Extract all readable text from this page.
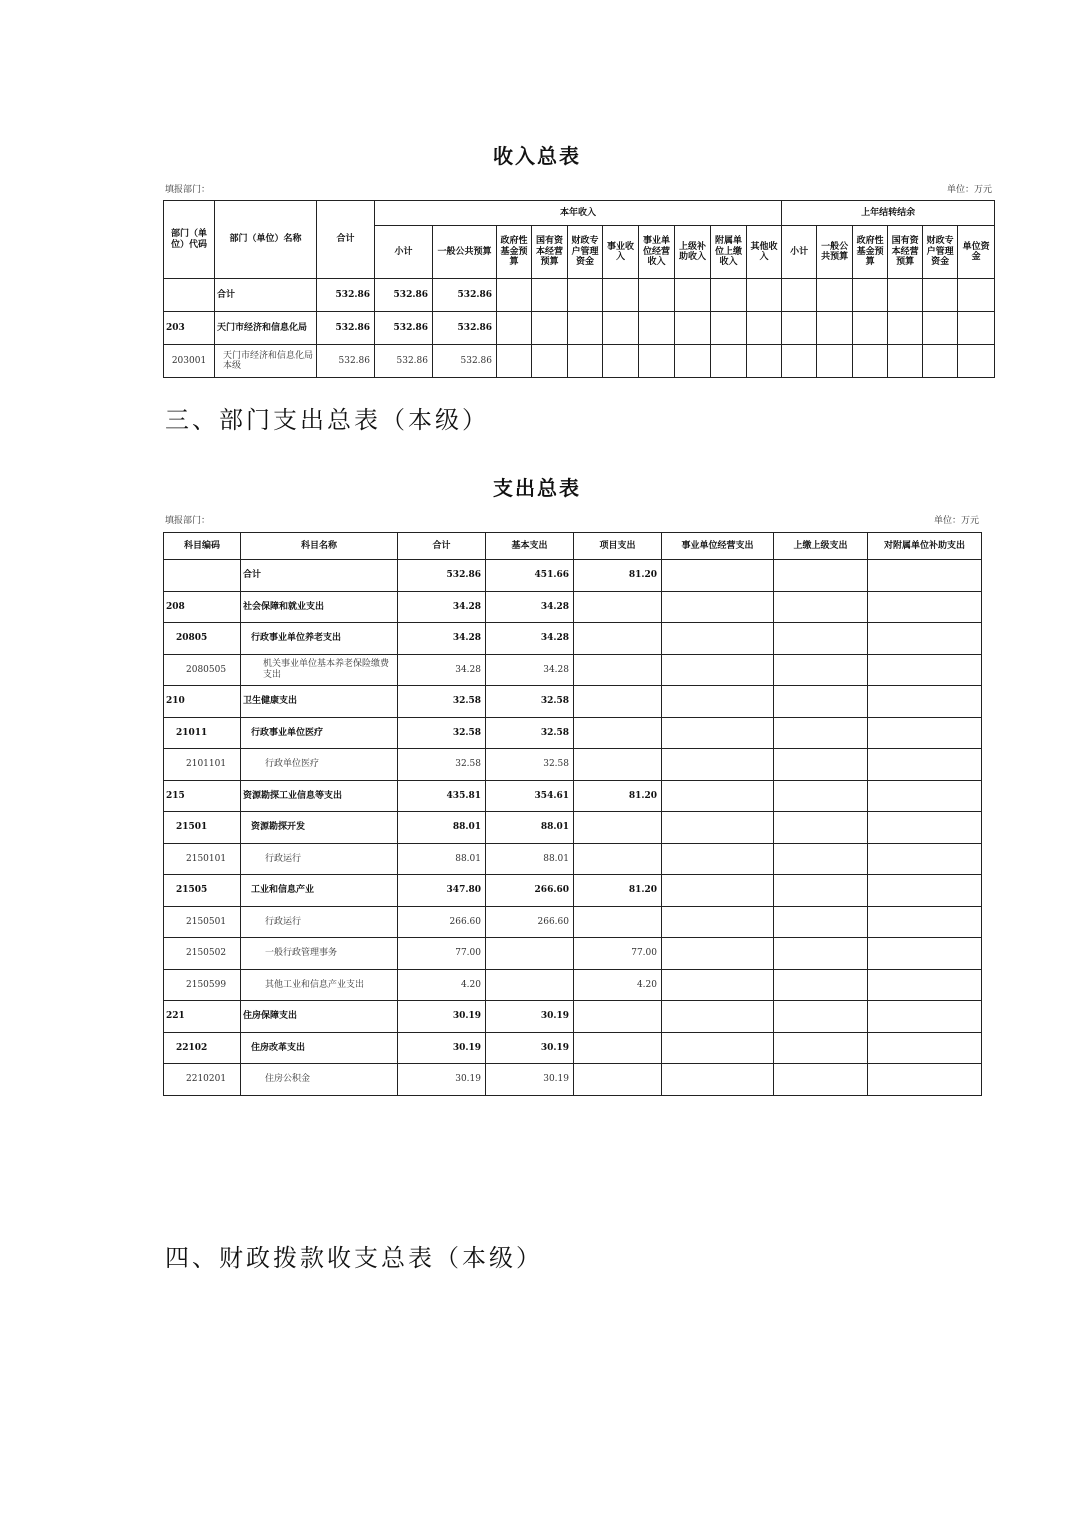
收入总表
填报部门：	单位：万元
部门（单位）代码	部门（单位）名称	合计	本年收入										上年结转结余						
			小计	一般公共预算	政府性基金预算	国有资本经营预算	财政专户管理资金	事业收入	事业单位经营收入	上级补助收入	附属单位上缴收入	其他收入	小计	一般公共预算	政府性基金预算	国有资本经营预算	财政专户管理资金	单位资金	
	合计	532.86	532.86	532.86															
203	天门市经济和信息化局	532.86	532.86	532.86															
203001	天门市经济和信息化局本级	532.86	532.86	532.86															
三、部门支出总表（本级）
支出总表
填报部门：	单位：万元
科目编码	科目名称	合计	基本支出	项目支出	事业单位经营支出	上缴上级支出	对附属单位补助支出
	合计	532.86	451.66	81.20			
208	社会保障和就业支出	34.28	34.28				
20805	行政事业单位养老支出	34.28	34.28				
2080505	机关事业单位基本养老保险缴费支出	34.28	34.28				
210	卫生健康支出	32.58	32.58				
21011	行政事业单位医疗	32.58	32.58				
2101101	行政单位医疗	32.58	32.58				
215	资源勘探工业信息等支出	435.81	354.61	81.20			
21501	资源勘探开发	88.01	88.01				
2150101	行政运行	88.01	88.01				
21505	工业和信息产业	347.80	266.60	81.20			
2150501	行政运行	266.60	266.60				
2150502	一般行政管理事务	77.00		77.00			
2150599	其他工业和信息产业支出	4.20		4.20			
221	住房保障支出	30.19	30.19				
22102	住房改革支出	30.19	30.19				
2210201	住房公积金	30.19	30.19				
四、财政拨款收支总表（本级）
